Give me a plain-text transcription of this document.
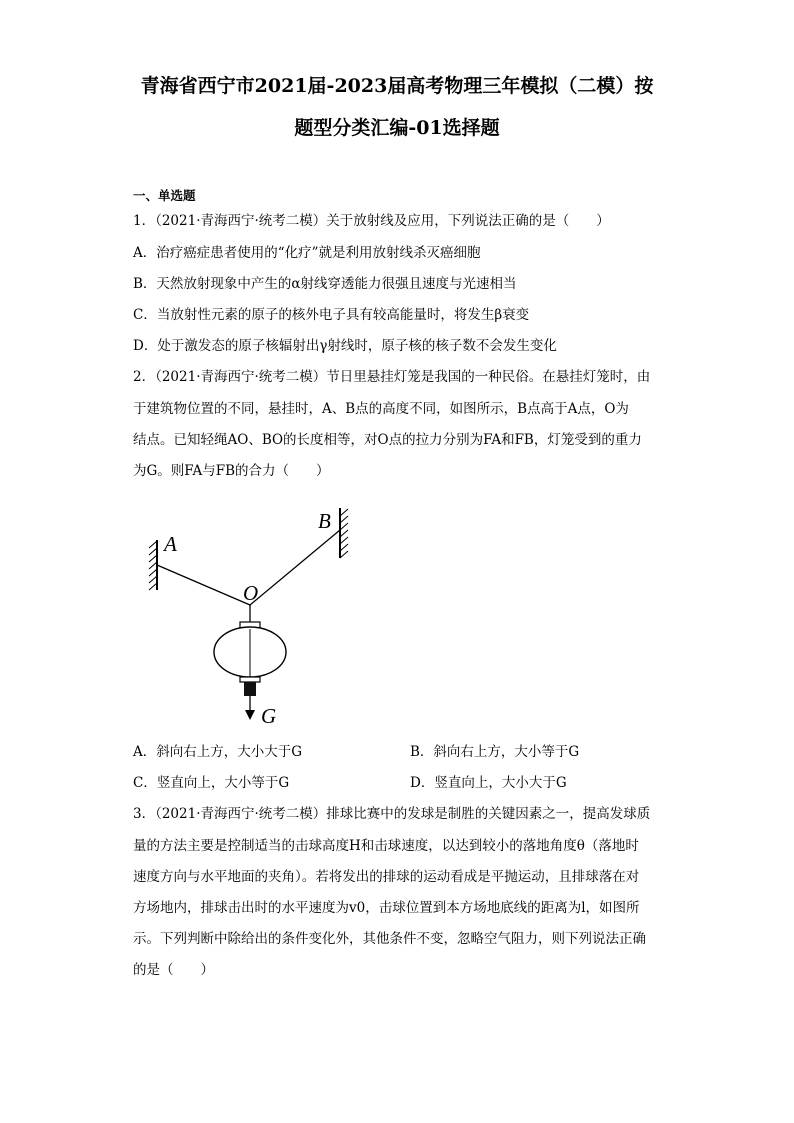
青海省西宁市2021届-2023届高考物理三年模拟（二模）按
题型分类汇编-01选择题
一、单选题
1．（2021·青海西宁·统考二模）关于放射线及应用，下列说法正确的是（　　）
A．治疗癌症患者使用的“化疗”就是利用放射线杀灭癌细胞
B．天然放射现象中产生的α射线穿透能力很强且速度与光速相当
C．当放射性元素的原子的核外电子具有较高能量时，将发生β衰变
D．处于激发态的原子核辐射出γ射线时，原子核的核子数不会发生变化
2．（2021·青海西宁·统考二模）节日里悬挂灯笼是我国的一种民俗。在悬挂灯笼时，由
于建筑物位置的不同，悬挂时，A、B点的高度不同，如图所示，B点高于A点，O为
结点。已知轻绳AO、BO的长度相等，对O点的拉力分别为FA和FB，灯笼受到的重力
为G。则FA与FB的合力（　　）
A
B
O
G
A．斜向右上方，大小大于G	B．斜向右上方，大小等于G
C．竖直向上，大小等于G	D．竖直向上，大小大于G
3．（2021·青海西宁·统考二模）排球比赛中的发球是制胜的关键因素之一，提高发球质
量的方法主要是控制适当的击球高度H和击球速度，以达到较小的落地角度θ（落地时
速度方向与水平地面的夹角）。若将发出的排球的运动看成是平抛运动，且排球落在对
方场地内，排球击出时的水平速度为v0，击球位置到本方场地底线的距离为l，如图所
示。下列判断中除给出的条件变化外，其他条件不变，忽略空气阻力，则下列说法正确
的是（　　）
